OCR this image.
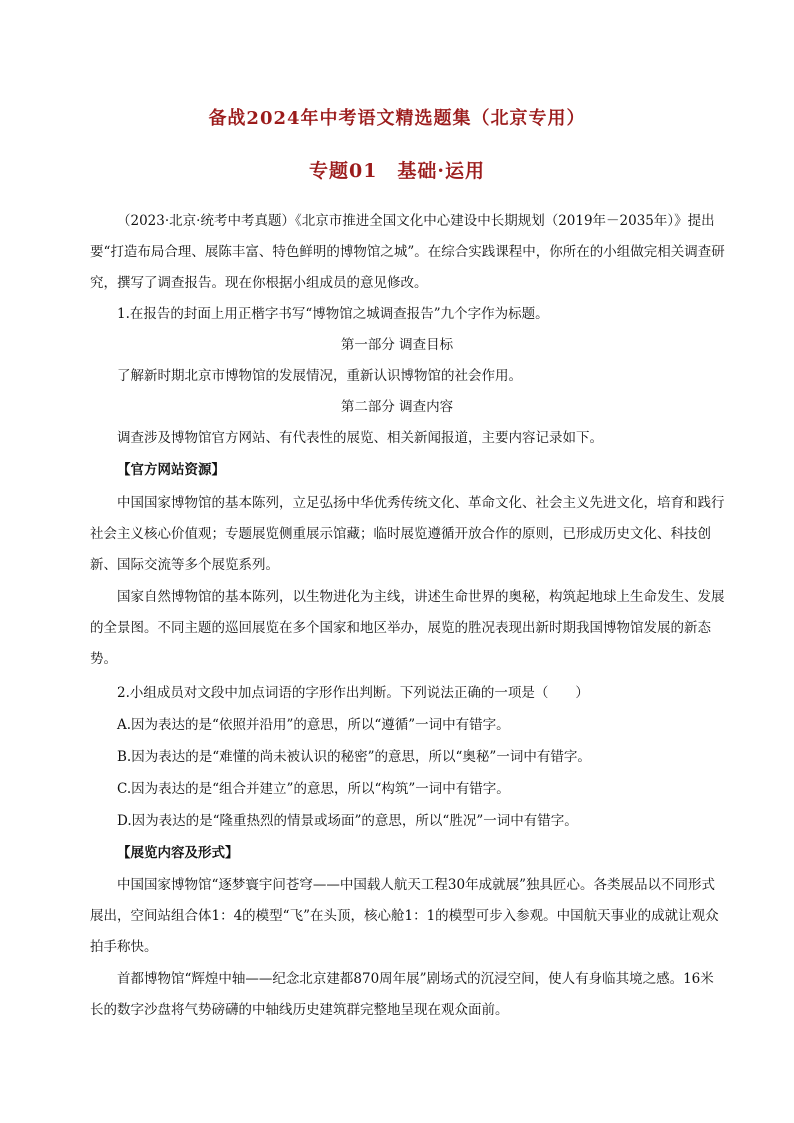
备战2024年中考语文精选题集（北京专用）
专题01　基础·运用

（2023·北京·统考中考真题）《北京市推进全国文化中心建设中长期规划（2019年－2035年）》提出要“打造布局合理、展陈丰富、特色鲜明的博物馆之城”。在综合实践课程中，你所在的小组做完相关调查研究，撰写了调查报告。现在你根据小组成员的意见修改。

1.在报告的封面上用正楷字书写“博物馆之城调查报告”九个字作为标题。

第一部分 调查目标

了解新时期北京市博物馆的发展情况，重新认识博物馆的社会作用。

第二部分 调查内容

调查涉及博物馆官方网站、有代表性的展览、相关新闻报道，主要内容记录如下。

【官方网站资源】

中国国家博物馆的基本陈列，立足弘扬中华优秀传统文化、革命文化、社会主义先进文化，培育和践行社会主义核心价值观；专题展览侧重展示馆藏；临时展览遵循开放合作的原则，已形成历史文化、科技创新、国际交流等多个展览系列。

国家自然博物馆的基本陈列，以生物进化为主线，讲述生命世界的奥秘，构筑起地球上生命发生、发展的全景图。不同主题的巡回展览在多个国家和地区举办，展览的胜况表现出新时期我国博物馆发展的新态势。

2.小组成员对文段中加点词语的字形作出判断。下列说法正确的一项是（　　）

A.因为表达的是“依照并沿用”的意思，所以“遵循”一词中有错字。

B.因为表达的是“难懂的尚未被认识的秘密”的意思，所以“奥秘”一词中有错字。

C.因为表达的是“组合并建立”的意思，所以“构筑”一词中有错字。

D.因为表达的是“隆重热烈的情景或场面”的意思，所以“胜况”一词中有错字。

【展览内容及形式】

中国国家博物馆“逐梦寰宇问苍穹——中国载人航天工程30年成就展”独具匠心。各类展品以不同形式展出，空间站组合体1：4的模型“飞”在头顶，核心舱1：1的模型可步入参观。中国航天事业的成就让观众拍手称快。

首都博物馆“辉煌中轴——纪念北京建都870周年展”剧场式的沉浸空间，使人有身临其境之感。16米长的数字沙盘将气势磅礴的中轴线历史建筑群完整地呈现在观众面前。
